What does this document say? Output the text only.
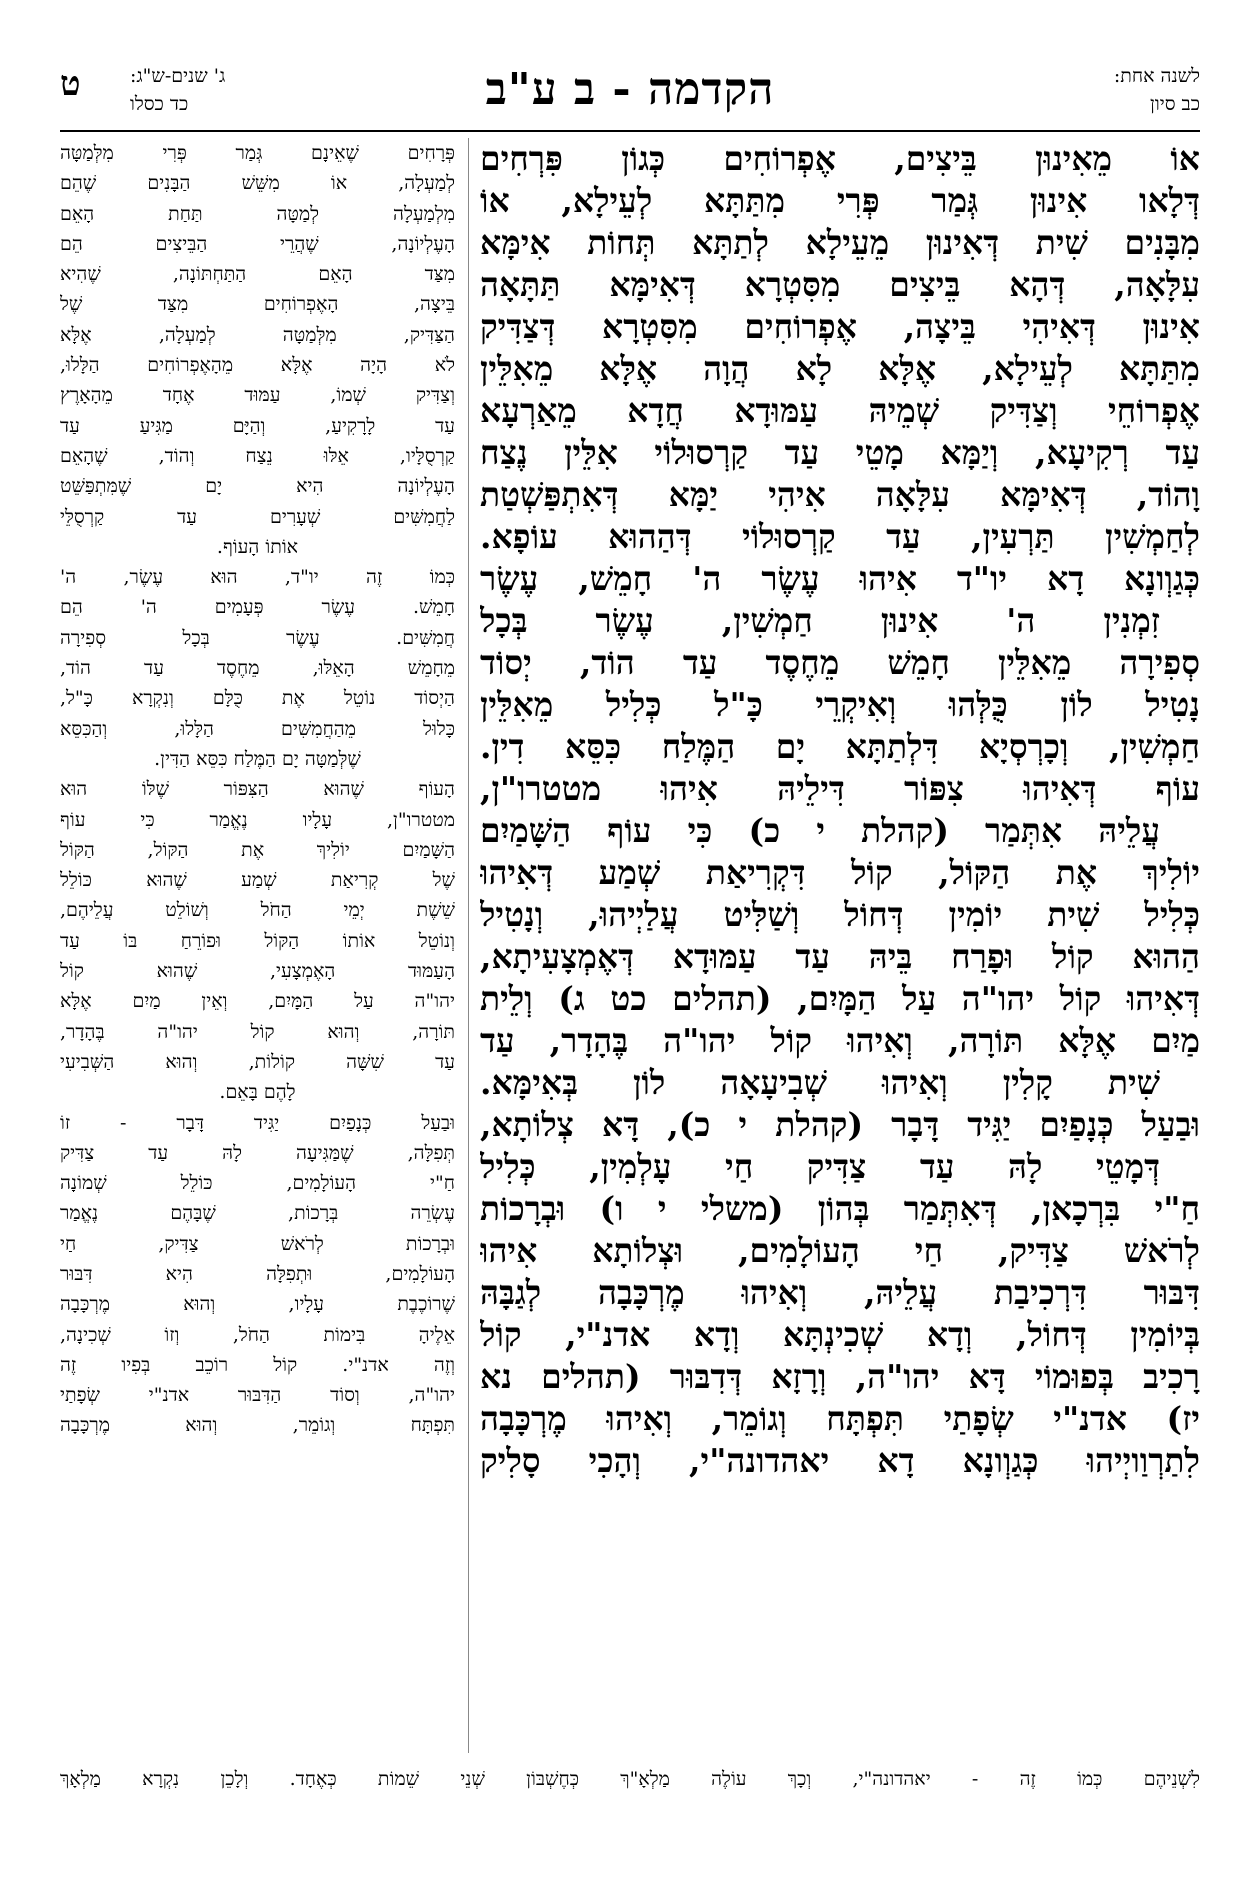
לשנה אחת:
כב סיון
הקדמה - ב ע"ב
ג' שנים-ש"ג:
כד כסלו
ט
אוֹ מֵאִינוּן בֵּיצִים, אֶפְרוֹחִים כְּגוֹן פִּרְחִים
דְּלָאו אִינוּן גְּמַר פְּרִי מִתַּתָּא לְעֵילָא, אוֹ
מִבָּנִים שִׁית דְּאִינוּן מֵעֵילָא לְתַתָּא תְּחוֹת אִימָּא
עִלָּאָה, דְּהָא בֵּיצִים מִסִּטְרָא דְּאִימָּא תַּתָּאָה
אִינוּן דְּאִיהִי בֵּיצָה, אֶפְרוֹחִים מִסִּטְרָא דְּצַדִּיק
מִתַּתָּא לְעֵילָא, אֶלָּא לָא הֲוָה אֶלָּא מֵאִלֵּין
אֶפְרוֹחֵי וְצַדִּיק שְׁמֵיהּ עַמּוּדָא חֲדָא מֵאַרְעָא
עַד רְקִיעָא, וְיַמָּא מָטֵי עַד קַרְסוּלוֹי אִלֵּין נֶצַח
וָהוֹד, דְּאִימָּא עִלָּאָה אִיהִי יַמָּא דְּאִתְפַּשְׁטַת
לְחַמְשִׁין תַּרְעִין, עַד קַרְסוּלוֹי דְּהַהוּא עוֹפָא.
כְּגַוְונָא דָא יו"ד אִיהוּ עֶשֶׂר ה' חָמֵשׁ, עֶשֶׂר
זִמְנִין ה' אִינוּן חַמְשִׁין, עֶשֶׂר בְּכָל
סְפִירָה מֵאִלֵּין חָמֵשׁ מֵחֶסֶד עַד הוֹד, יְסוֹד
נָטִיל לוֹן כֻּלְּהוּ וְאִיקְרֵי כָּ"ל כְּלִיל מֵאִלֵּין
חַמְשִׁין, וְכָרְסְיָא דִּלְתַתָּא יָם הַמֶּלַח כִּסֵּא דִין.
עוֹף דְּאִיהוּ צִפּוֹר דִּילֵיהּ אִיהוּ מטטרו"ן,
עֲלֵיהּ אִתְּמַר (קהלת י כ) כִּי עוֹף הַשָּׁמַיִם
יוֹלִיךְ אֶת הַקּוֹל, קוֹל דִּקְרִיאַת שְׁמַע דְּאִיהוּ
כְּלִיל שִׁית יוֹמִין דְּחוֹל וְשַׁלִּיט עֲלַיְיהוּ, וְנָטִיל
הַהוּא קוֹל וּפָרַח בֵּיהּ עַד עַמּוּדָא דְּאֶמְצָעִיתָא,
דְּאִיהוּ קוֹל יהו"ה עַל הַמָּיִם, (תהלים כט ג) וְלֵית
מַיִם אֶלָּא תּוֹרָה, וְאִיהוּ קוֹל יהו"ה בֶּהָדָר, עַד
שִׁית קָלִין וְאִיהוּ שְׁבִיעָאָה לוֹן בְּאִימָּא.
וּבַעַל כְּנָפַיִם יַגִּיד דָּבָר (קהלת י כ), דָּא צְלוֹתָא,
דְּמָטֵי לָהּ עַד צַדִּיק חַי עָלְמִין, כְּלִיל
חַ"י בִּרְכָאן, דְּאִתְּמַר בְּהוֹן (משלי י ו) וּבְרָכוֹת
לְרֹאשׁ צַדִּיק, חַי הָעוֹלָמִים, וּצְלוֹתָא אִיהוּ
דִּבּוּר דִּרְכִיבַת עֲלֵיהּ, וְאִיהוּ מֶרְכָּבָה לְגַבָּהּ
בְּיוֹמִין דְּחוֹל, וְדָא שְׁכִינְתָּא וְדָא אדנ"י, קוֹל
רָכִיב בְּפוּמוֹי דָּא יהו"ה, וְרָזָא דְּדִבּוּר (תהלים נא
יז) אדנ"י שְׂפָתַי תִּפְתָּח וְגוֹמֵר, וְאִיהוּ מֶרְכָּבָה
לִתַרְוַויְיהוּ כְּגַוְונָא דָא יאהדונה"י, וְהָכִי סָלִיק
פְּרָחִים שֶׁאֵינָם גְּמַר פְּרִי מִלְּמַטָּה
לְמַעְלָה, אוֹ מִשֵּׁשׁ הַבָּנִים שֶׁהֵם
מִלְמַעְלָה לְמַטָּה תַּחַת הָאֵם
הָעֶלְיוֹנָה, שֶׁהֲרֵי הַבֵּיצִים הֵם
מִצַּד הָאֵם הַתַּחְתּוֹנָה, שֶׁהִיא
בֵּיצָה, הָאֶפְרוֹחִים מִצַּד שֶׁל
הַצַּדִּיק, מִלְּמַטָּה לְמַעְלָה, אֶלָּא
לֹא הָיָה אֶלָּא מֵהָאֶפְרוֹחִים הַלָּלוּ,
וְצַדִּיק שְׁמוֹ, עַמּוּד אֶחָד מֵהָאָרֶץ
עַד לָרָקִיעַ, וְהַיָּם מַגִּיעַ עַד
קַרְסֻלָּיו, אֵלּוּ נֵצַח וְהוֹד, שֶׁהָאֵם
הָעֶלְיוֹנָה הִיא יָם שֶׁמִּתְפַּשֵּׁט
לַחֲמִשִּׁים שְׁעָרִים עַד קַרְסֻלֵּי
אוֹתוֹ הָעוֹף.
כְּמוֹ זֶה יו"ד, הוּא עֶשֶׂר, ה'
חָמֵשׁ. עֶשֶׂר פְּעָמִים ה' הֵם
חֲמִשִּׁים. עֶשֶׂר בְּכָל סְפִירָה
מֵחָמֵשׁ הָאֵלּוּ, מֵחֶסֶד עַד הוֹד,
הַיְסוֹד נוֹטֵל אֶת כֻּלָּם וְנִקְרָא כָּ"ל,
כָּלוּל מֵהַחֲמִשִּׁים הַלָּלוּ, וְהַכִּסֵּא
שֶׁלְּמַטָּה יָם הַמֶּלַח כִּסֵּא הַדִּין.
הָעוֹף שֶׁהוּא הַצִּפּוֹר שֶׁלּוֹ הוּא
מטטרו"ן, עָלָיו נֶאֱמַר כִּי עוֹף
הַשָּׁמַיִם יוֹלִיךְ אֶת הַקּוֹל, הַקּוֹל
שֶׁל קְרִיאַת שְׁמַע שֶׁהוּא כּוֹלֵל
שֵׁשֶׁת יְמֵי הַחֹל וְשׁוֹלֵט עֲלֵיהֶם,
וְנוֹטֵל אוֹתוֹ הַקּוֹל וּפוֹרֵחַ בּוֹ עַד
הָעַמּוּד הָאֶמְצָעִי, שֶׁהוּא קוֹל
יהו"ה עַל הַמָּיִם, וְאֵין מַיִם אֶלָּא
תּוֹרָה, וְהוּא קוֹל יהו"ה בֶּהָדָר,
עַד שִׁשָּׁה קוֹלוֹת, וְהוּא הַשְּׁבִיעִי
לָהֶם בָּאֵם.
וּבַעַל כְּנָפַיִם יַגִּיד דָּבָר - זוֹ
תְּפִלָּה, שֶׁמַּגִּיעָה לָהּ עַד צַדִּיק
חַ"י הָעוֹלָמִים, כּוֹלֵל שְׁמוֹנָה
עֶשְׂרֵה בְּרָכוֹת, שֶׁבָּהֶם נֶאֱמַר
וּבְרָכוֹת לְרֹאשׁ צַדִּיק, חַי
הָעוֹלָמִים, וּתְפִלָּה הִיא דִּבּוּר
שֶׁרוֹכֶבֶת עָלָיו, וְהוּא מֶרְכָּבָה
אֵלֶיהָ בִּימוֹת הַחֹל, וְזוֹ שְׁכִינָה,
וְזֶה אדנ"י. קוֹל רוֹכֵב בְּפִיו זֶה
יהו"ה, וְסוֹד הַדִּבּוּר אדנ"י שְׂפָתַי
תִּפְתָּח וְגוֹמֵר, וְהוּא מֶרְכָּבָה
לִשְׁנֵיהֶם כְּמוֹ זֶה - יאהדונה"י, וְכָךְ עוֹלֶה מַלְאָ"ךְ כְּחֶשְׁבּוֹן שְׁנֵי שֵׁמוֹת כְּאֶחָד. וְלָכֵן נִקְרָא מַלְאָךְ
